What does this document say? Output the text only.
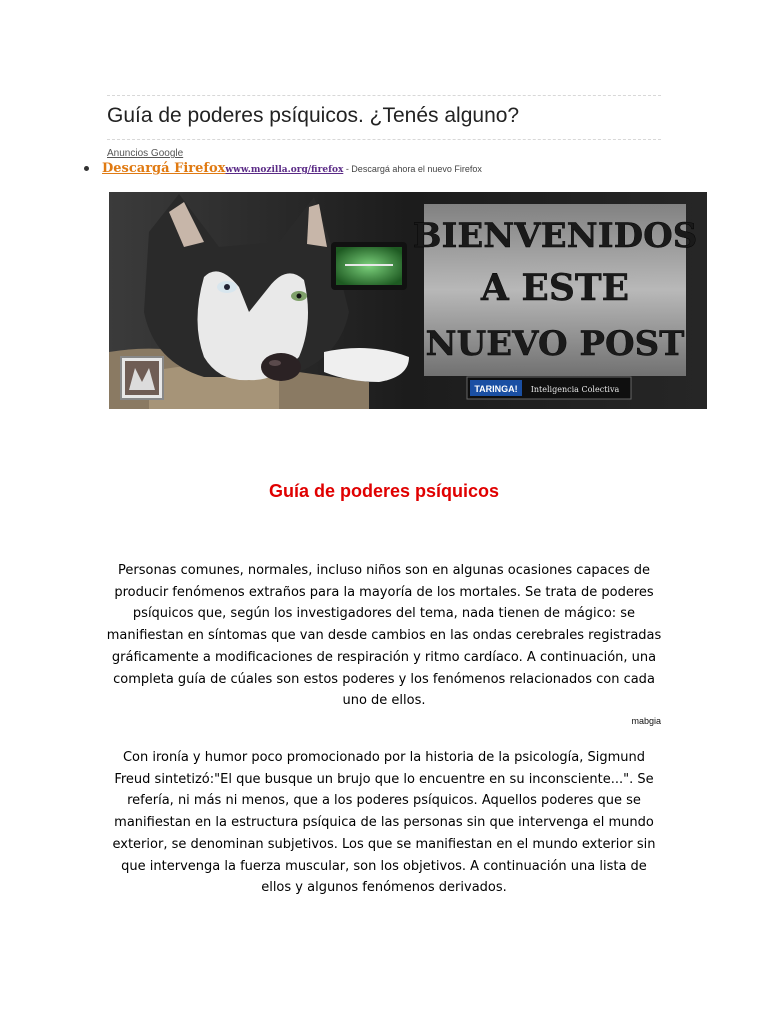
Guía de poderes psíquicos. ¿Tenés alguno?
Anuncios Google
Descargá Firefoxwww.mozilla.org/firefox - Descargá ahora el nuevo Firefox
BIENVENIDOS
A ESTE
NUEVO POST
TARINGA! Inteligencia Colectiva
Guía de poderes psíquicos

Personas comunes, normales, incluso niños son en algunas ocasiones capaces de producir fenómenos extraños para la mayoría de los mortales. Se trata de poderes psíquicos que, según los investigadores del tema, nada tienen de mágico: se manifiestan en síntomas que van desde cambios en las ondas cerebrales registradas gráficamente a modificaciones de respiración y ritmo cardíaco. A continuación, una completa guía de cúales son estos poderes y los fenómenos relacionados con cada uno de ellos.

mabgia

Con ironía y humor poco promocionado por la historia de la psicología, Sigmund Freud sintetizó:"El que busque un brujo que lo encuentre en su inconsciente...". Se refería, ni más ni menos, que a los poderes psíquicos. Aquellos poderes que se manifiestan en la estructura psíquica de las personas sin que intervenga el mundo exterior, se denominan subjetivos. Los que se manifiestan en el mundo exterior sin que intervenga la fuerza muscular, son los objetivos. A continuación una lista de ellos y algunos fenómenos derivados.
